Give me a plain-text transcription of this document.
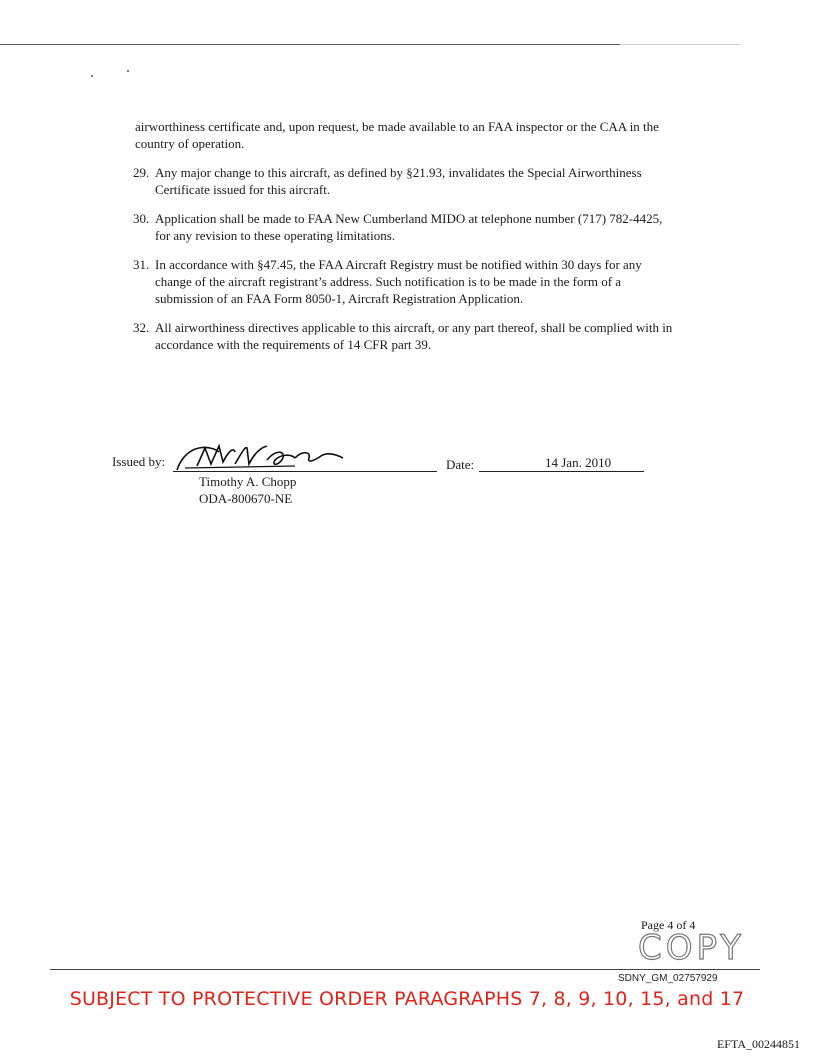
airworthiness certificate and, upon request, be made available to an FAA inspector or the CAA in the country of operation.

29. Any major change to this aircraft, as defined by §21.93, invalidates the Special Airworthiness Certificate issued for this aircraft.
30. Application shall be made to FAA New Cumberland MIDO at telephone number (717) 782-4425, for any revision to these operating limitations.
31. In accordance with §47.45, the FAA Aircraft Registry must be notified within 30 days for any change of the aircraft registrant’s address. Such notification is to be made in the form of a submission of an FAA Form 8050-1, Aircraft Registration Application.
32. All airworthiness directives applicable to this aircraft, or any part thereof, shall be complied with in accordance with the requirements of 14 CFR part 39.
Issued by:	Date:	14 Jan. 2010
Timothy A. Chopp
ODA-800670-NE
Page 4 of 4
COPY
SDNY_GM_02757929
SUBJECT TO PROTECTIVE ORDER PARAGRAPHS 7, 8, 9, 10, 15, and 17
EFTA_00244851
